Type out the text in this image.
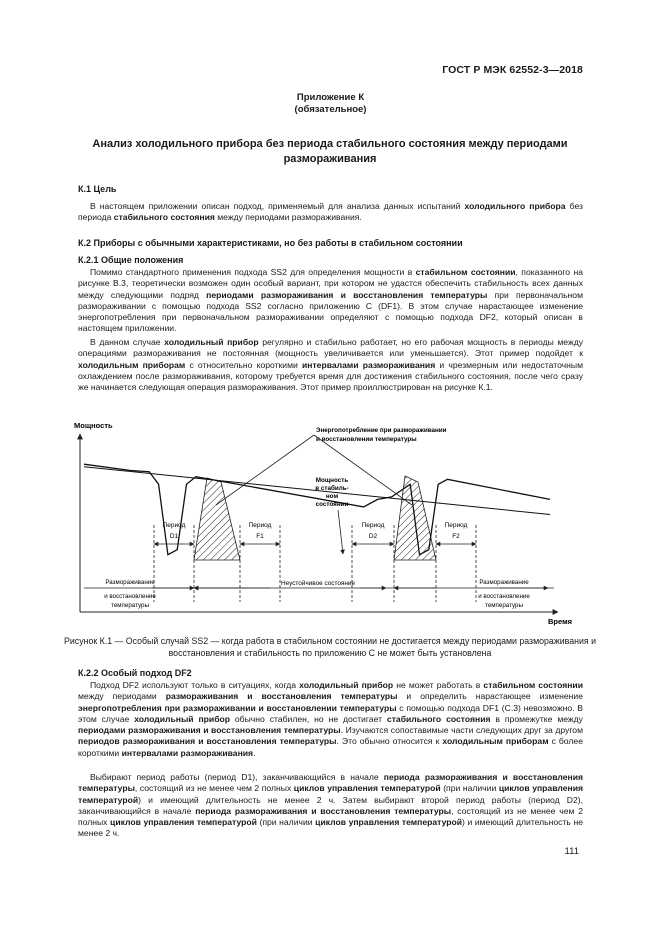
ГОСТ Р МЭК 62552-3—2018
Приложение К
(обязательное)
Анализ холодильного прибора без периода стабильного состояния между периодами размораживания
К.1 Цель
В настоящем приложении описан подход, применяемый для анализа данных испытаний холодильного прибора без периода стабильного состояния между периодами размораживания.
К.2 Приборы с обычными характеристиками, но без работы в стабильном состоянии
К.2.1 Общие положения
Помимо стандартного применения подхода SS2 для определения мощности в стабильном состоянии, показанного на рисунке В.3, теоретически возможен один особый вариант, при котором не удастся обеспечить стабильность всех данных между следующими подряд периодами размораживания и восстановления температуры при первоначальном размораживании с помощью подхода SS2 согласно приложению С (DF1). В этом случае нарастающее изменение энергопотребления при первоначальном размораживании определяют с помощью подхода DF2, который описан в настоящем приложении.
В данном случае холодильный прибор регулярно и стабильно работает, но его рабочая мощность в периоды между операциями размораживания не постоянная (мощность увеличивается или уменьшается). Этот пример подойдет к холодильным приборам с относительно короткими интервалами размораживания и чрезмерным или недостаточным охлаждением после размораживания, которому требуется время для достижения стабильного состояния, после чего сразу же начинается следующая операция размораживания. Этот пример проиллюстрирован на рисунке К.1.
Мощность
Время
Период
D1
Период
F1
Период
D2
Период
F2
Энергопотребление при размораживании
и восстановлении температуры
Мощность
в стабиль-
ном
состоянии
Размораживание
и восстановление
температуры
Неустойчивое состояние	Размораживание
и восстановление
температуры
Рисунок К.1 — Особый случай SS2 — когда работа в стабильном состоянии не достигается между периодами размораживания и восстановления и стабильность по приложению С не может быть установлена
К.2.2 Особый подход DF2
Подход DF2 используют только в ситуациях, когда холодильный прибор не может работать в стабильном состоянии между периодами размораживания и восстановления температуры и определить нарастающее изменение энергопотребления при размораживании и восстановлении температуры с помощью подхода DF1 (С.3) невозможно. В этом случае холодильный прибор обычно стабилен, но не достигает стабильного состояния в промежутке между периодами размораживания и восстановления температуры. Изучаются сопоставимые части следующих друг за другом периодов размораживания и восстановления температуры. Это обычно относится к холодильным приборам с более короткими интервалами размораживания.
Выбирают период работы (период D1), заканчивающийся в начале периода размораживания и восстановления температуры, состоящий из не менее чем 2 полных циклов управления температурой (при наличии циклов управления температурой) и имеющий длительность не менее 2 ч. Затем выбирают второй период работы (период D2), заканчивающийся в начале периода размораживания и восстановления температуры, состоящий из не менее чем 2 полных циклов управления температурой (при наличии циклов управления температурой) и имеющий длительность не менее 2 ч.
111
